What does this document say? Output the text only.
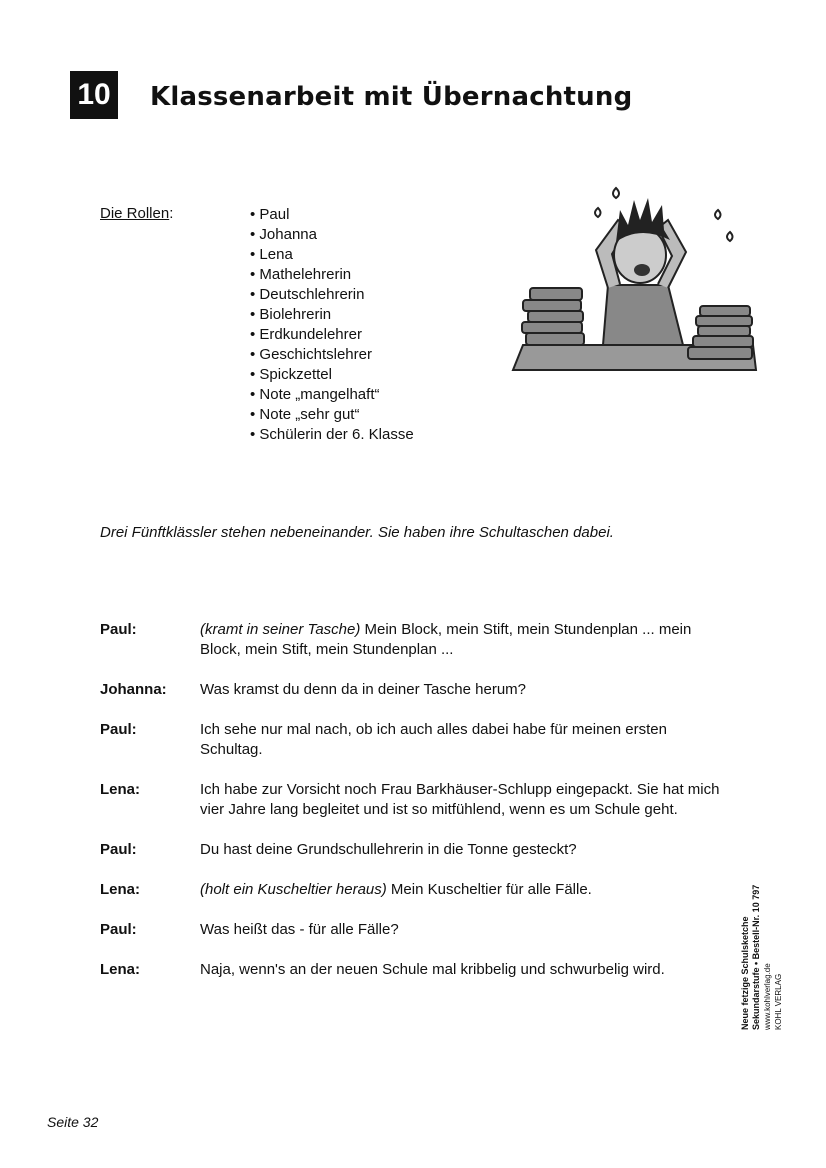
10 Klassenarbeit mit Übernachtung
Die Rollen:
•	Paul
• Johanna
• Lena
• Mathelehrerin
• Deutschlehrerin
• Biolehrerin
• Erdkundelehrer
• Geschichtslehrer
• Spickzettel
• Note „mangelhaft“
• Note „sehr gut“
• Schülerin der 6. Klasse
Drei Fünftklässler stehen nebeneinander. Sie haben ihre Schultaschen dabei.
Paul:	(kramt in seiner Tasche) Mein Block, mein Stift, mein Stundenplan ... mein Block, mein Stift, mein Stundenplan ...
Johanna:	Was kramst du denn da in deiner Tasche herum?
Paul:	Ich sehe nur mal nach, ob ich auch alles dabei habe für meinen ersten Schultag.
Lena:	Ich habe zur Vorsicht noch Frau Barkhäuser-Schlupp eingepackt. Sie hat mich vier Jahre lang begleitet und ist so mitfühlend, wenn es um Schule geht.
Paul:	Du hast deine Grundschullehrerin in die Tonne gesteckt?
Lena:	(holt ein Kuscheltier heraus) Mein Kuscheltier für alle Fälle.
Paul:	Was heißt das - für alle Fälle?
Lena:	Naja, wenn's an der neuen Schule mal kribbelig und schwurbelig wird.	Neue fetzige Schulsketche Sekundarstufe • Bestell-Nr. 10 797 www.kohlverlag.de KOHL VERLAG
Seite 32
